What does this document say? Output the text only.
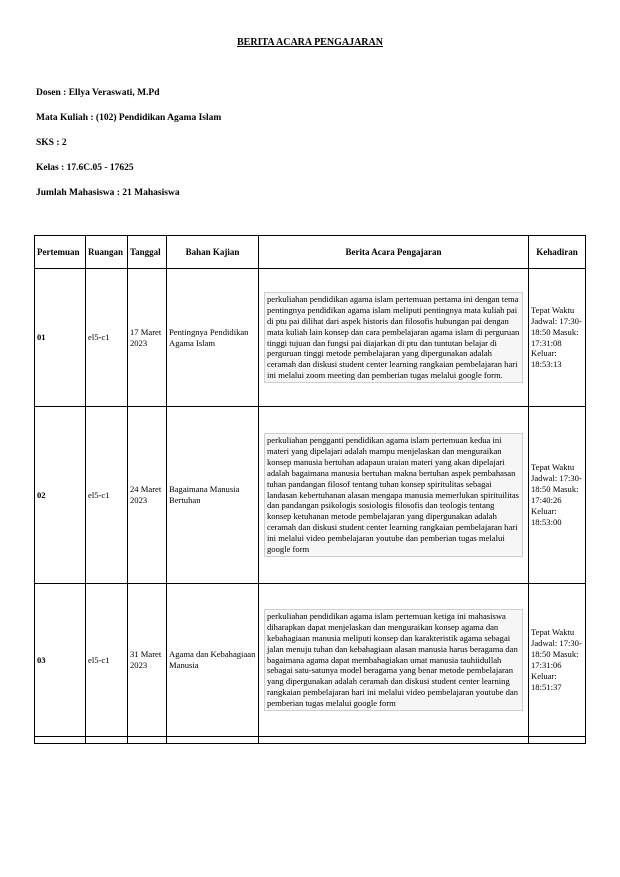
BERITA ACARA PENGAJARAN
Dosen : Ellya Veraswati, M.Pd
Mata Kuliah : (102) Pendidikan Agama Islam
SKS : 2
Kelas : 17.6C.05 - 17625
Jumlah Mahasiswa : 21 Mahasiswa
Pertemuan	Ruangan	Tanggal	Bahan Kajian	Berita Acara Pengajaran	Kehadiran
01	el5-c1	17 Maret 2023	Pentingnya Pendidikan Agama Islam	perkuliahan pendidikan agama islam pertemuan pertama ini dengan tema pentingnya pendidikan agama islam meliputi pentingnya mata kuliah pai di ptu pai dilihat dari aspek historis dan filosofis hubungan pai dengan mata kuliah lain konsep dan cara pembelajaran agama islam di perguruan tinggi tujuan dan fungsi pai diajarkan di ptu dan tuntutan belajar di perguruan tinggi metode pembelajaran yang dipergunakan adalah ceramah dan diskusi student center learning rangkaian pembelajaran hari ini melalui zoom meeting dan pemberian tugas melalui google form.	Tepat Waktu Jadwal: 17:30-18:50 Masuk: 17:31:08 Keluar: 18:53:13
02	el5-c1	24 Maret 2023	Bagaimana Manusia Bertuhan	perkuliahan pengganti pendidikan agama islam pertemuan kedua ini materi yang dipelajari adalah mampu menjelaskan dan menguraikan konsep manusia bertuhan adapaun uraian materi yang akan dipelajari adalah bagaimana manusia bertuhan makna bertuhan aspek pembahasan tuhan pandangan filosof tentang tuhan konsep spiritulitas sebagai landasan kebertuhanan alasan mengapa manusia memerlukan spirituilitas dan pandangan psikologis sosiologis filosofis dan teologis tentang konsep ketuhanan metode pembelajaran yang dipergunakan adalah ceramah dan diskusi student center learning rangkaian pembelajaran hari ini melalui video pembelajaran youtube dan pemberian tugas melalui google form	Tepat Waktu Jadwal: 17:30-18:50 Masuk: 17:40:26 Keluar: 18:53:00
03	el5-c1	31 Maret 2023	Agama dan Kebahagiaan Manusia	perkuliahan pendidikan agama islam pertemuan ketiga ini mahasiswa diharapkan dapat menjelaskan dan menguraikan konsep agama dan kebahagiaan manusia meliputi konsep dan karakteristik agama sebagai jalan menuju tuhan dan kebahagiaan alasan manusia harus beragama dan bagaimana agama dapat membahagiakan umat manusia tauhiidullah sebagai satu-satunya model beragama yang benar metode pembelajaran yang dipergunakan adalah ceramah dan diskusi student center learning rangkaian pembelajaran hari ini melalui video pembelajaran youtube dan pemberian tugas melalui google form	Tepat Waktu Jadwal: 17:30-18:50 Masuk: 17:31:06 Keluar: 18:51:37
